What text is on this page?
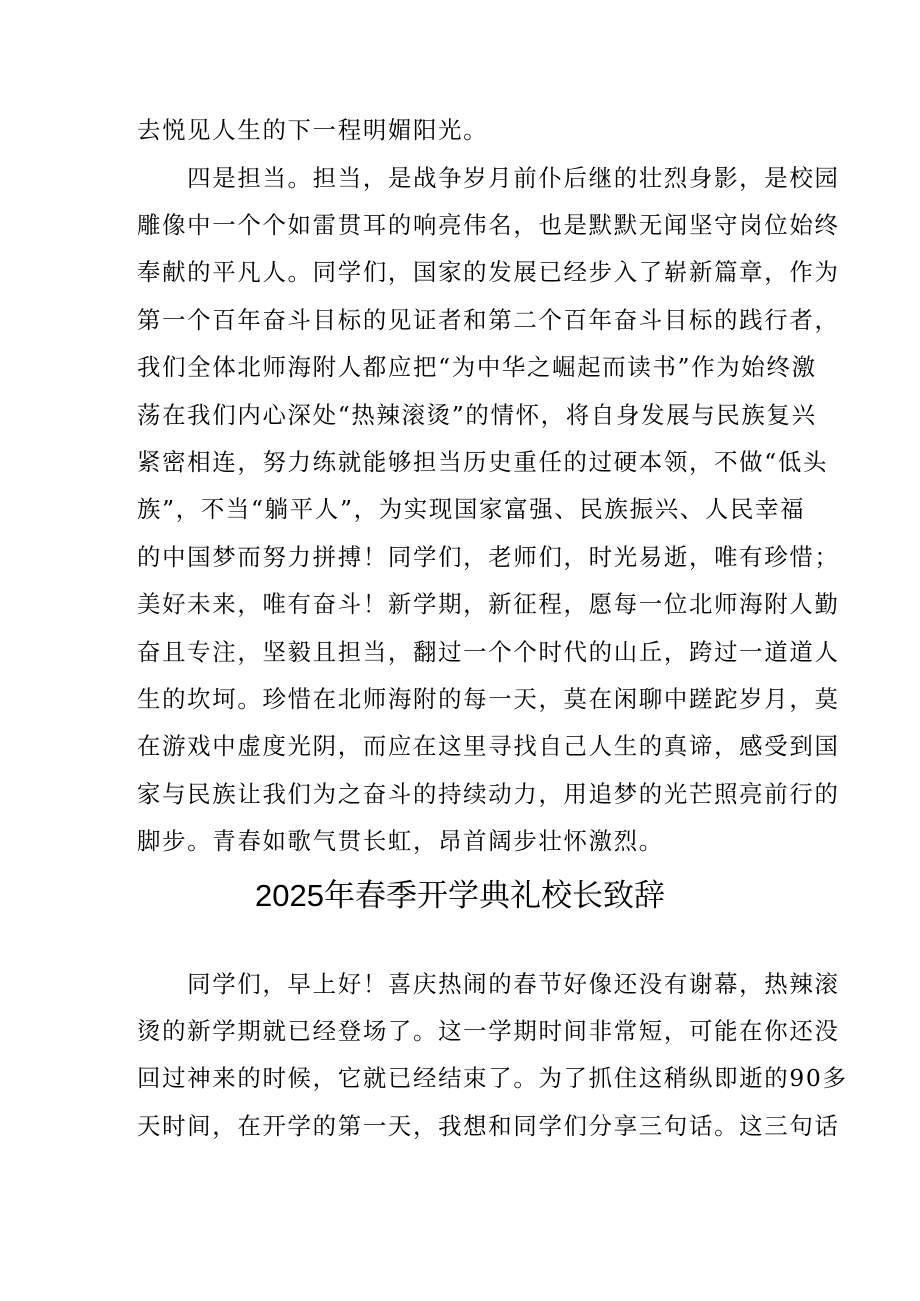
去悦见人生的下一程明媚阳光。
　　四是担当。担当，是战争岁月前仆后继的壮烈身影，是校园
雕像中一个个如雷贯耳的响亮伟名，也是默默无闻坚守岗位始终
奉献的平凡人。同学们，国家的发展已经步入了崭新篇章，作为
第一个百年奋斗目标的见证者和第二个百年奋斗目标的践行者，
我们全体北师海附人都应把“为中华之崛起而读书”作为始终激
荡在我们内心深处“热辣滚烫”的情怀，将自身发展与民族复兴
紧密相连，努力练就能够担当历史重任的过硬本领，不做“低头
族”，不当“躺平人”，为实现国家富强、民族振兴、人民幸福
的中国梦而努力拼搏！同学们，老师们，时光易逝，唯有珍惜；
美好未来，唯有奋斗！新学期，新征程，愿每一位北师海附人勤
奋且专注，坚毅且担当，翻过一个个时代的山丘，跨过一道道人
生的坎坷。珍惜在北师海附的每一天，莫在闲聊中蹉跎岁月，莫
在游戏中虚度光阴，而应在这里寻找自己人生的真谛，感受到国
家与民族让我们为之奋斗的持续动力，用追梦的光芒照亮前行的
脚步。青春如歌气贯长虹，昂首阔步壮怀激烈。
2025年春季开学典礼校长致辞
　　同学们，早上好！喜庆热闹的春节好像还没有谢幕，热辣滚
烫的新学期就已经登场了。这一学期时间非常短，可能在你还没
回过神来的时候，它就已经结束了。为了抓住这稍纵即逝的90多
天时间，在开学的第一天，我想和同学们分享三句话。这三句话
